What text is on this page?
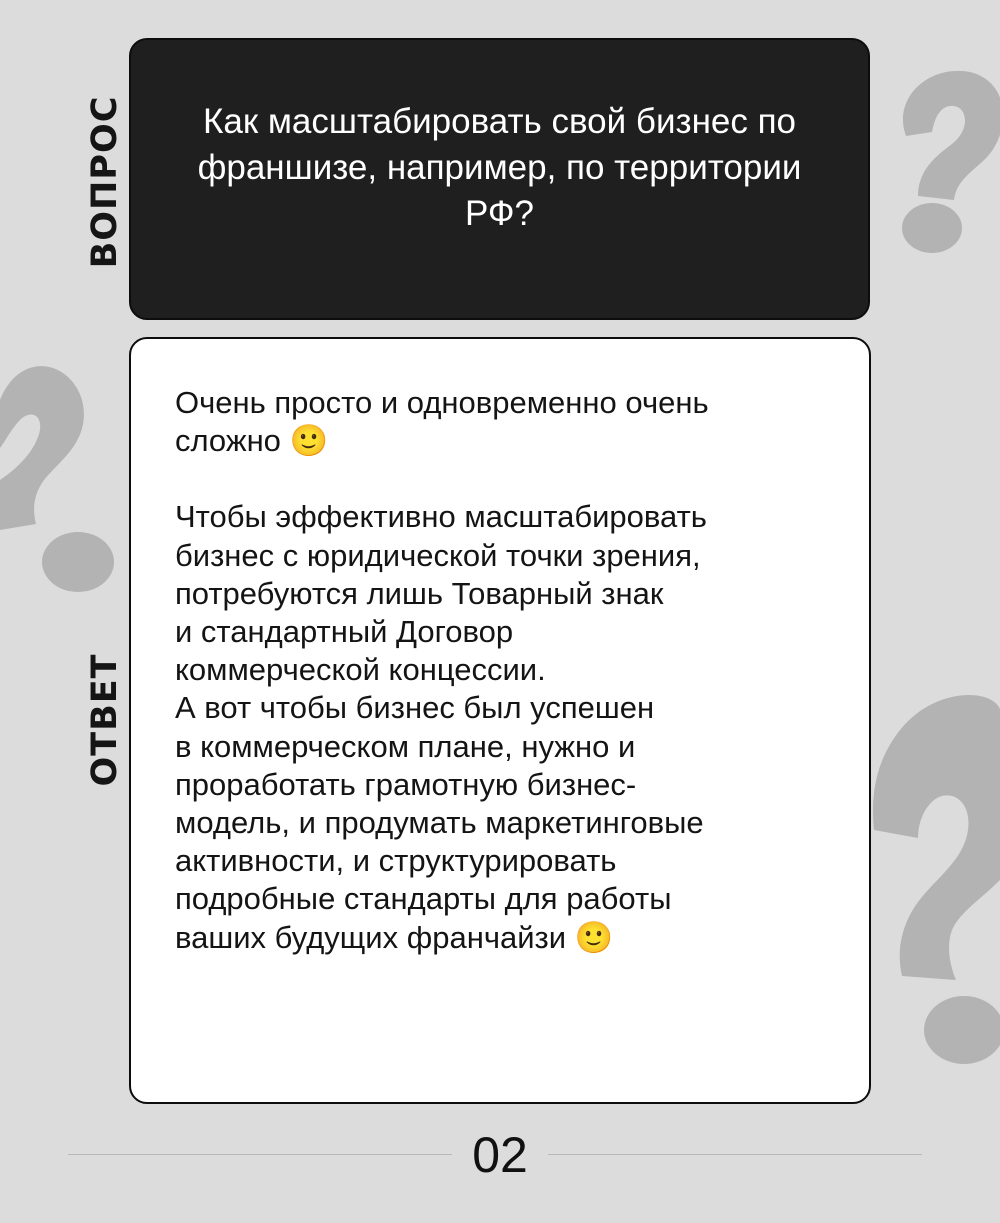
ВОПРОС
ОТВЕТ
Как масштабировать свой бизнес по франшизе, например, по территории РФ?

Очень просто и одновременно очень
сложно 🙂

Чтобы эффективно масштабировать
бизнес с юридической точки зрения,
потребуются лишь Товарный знак
и стандартный Договор
коммерческой концессии.
А вот чтобы бизнес был успешен
в коммерческом плане, нужно и
проработать грамотную бизнес-
модель, и продумать маркетинговые
активности, и структурировать
подробные стандарты для работы
ваших будущих франчайзи 🙂

02
